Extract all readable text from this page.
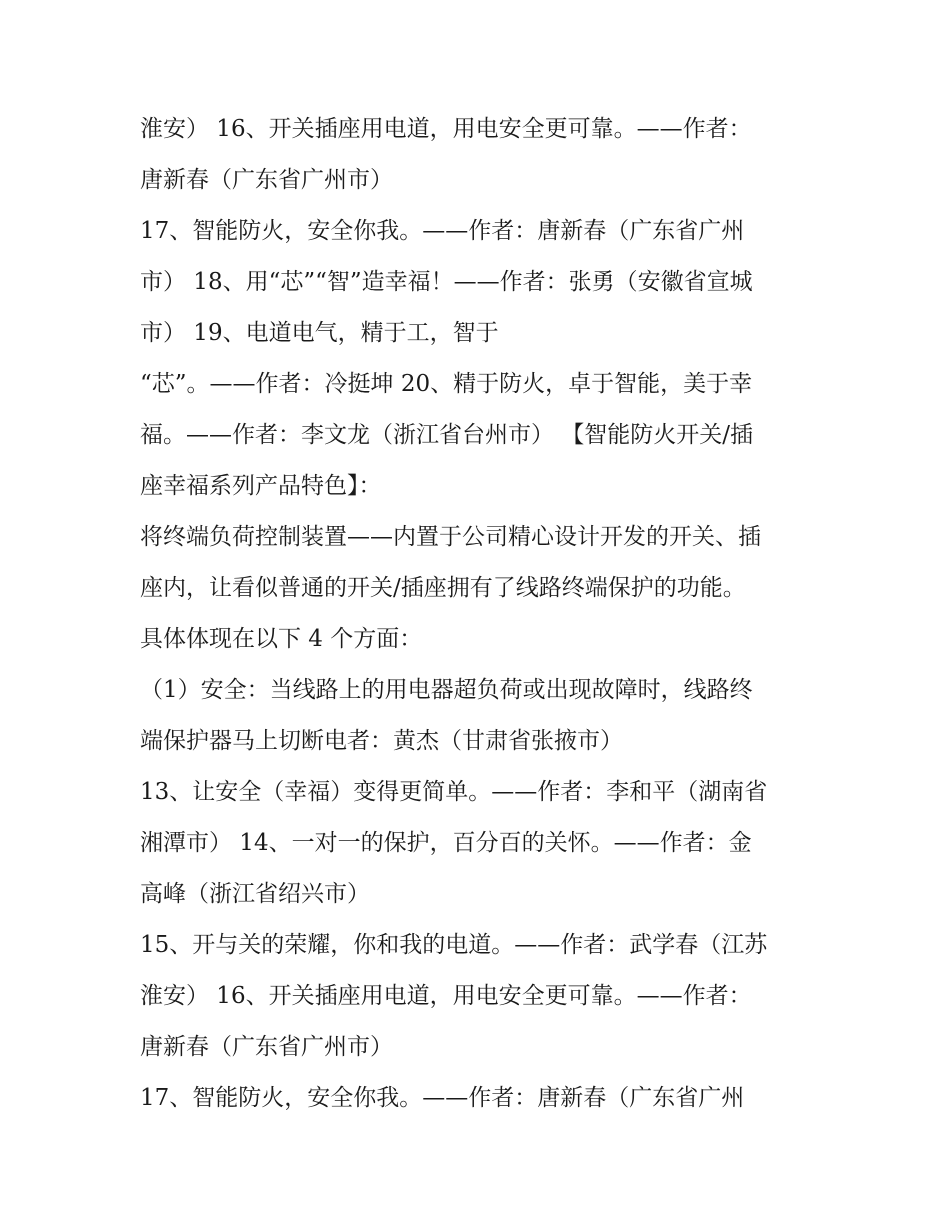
淮安） 16、开关插座用电道，用电安全更可靠。——作者：
唐新春（广东省广州市）
17、智能防火，安全你我。——作者：唐新春（广东省广州
市） 18、用“芯”“智”造幸福！——作者：张勇（安徽省宣城
市） 19、电道电气，精于工，智于
“芯”。——作者：冷挺坤 20、精于防火，卓于智能，美于幸
福。——作者：李文龙（浙江省台州市） 【智能防火开关/插
座幸福系列产品特色】：
将终端负荷控制装置——内置于公司精心设计开发的开关、插
座内，让看似普通的开关/插座拥有了线路终端保护的功能。
具体体现在以下 4 个方面：
（1）安全：当线路上的用电器超负荷或出现故障时，线路终
端保护器马上切断电者：黄杰（甘肃省张掖市）
13、让安全（幸福）变得更简单。——作者：李和平（湖南省
湘潭市） 14、一对一的保护，百分百的关怀。——作者：金
高峰（浙江省绍兴市）
15、开与关的荣耀，你和我的电道。——作者：武学春（江苏
淮安） 16、开关插座用电道，用电安全更可靠。——作者：
唐新春（广东省广州市）
17、智能防火，安全你我。——作者：唐新春（广东省广州
